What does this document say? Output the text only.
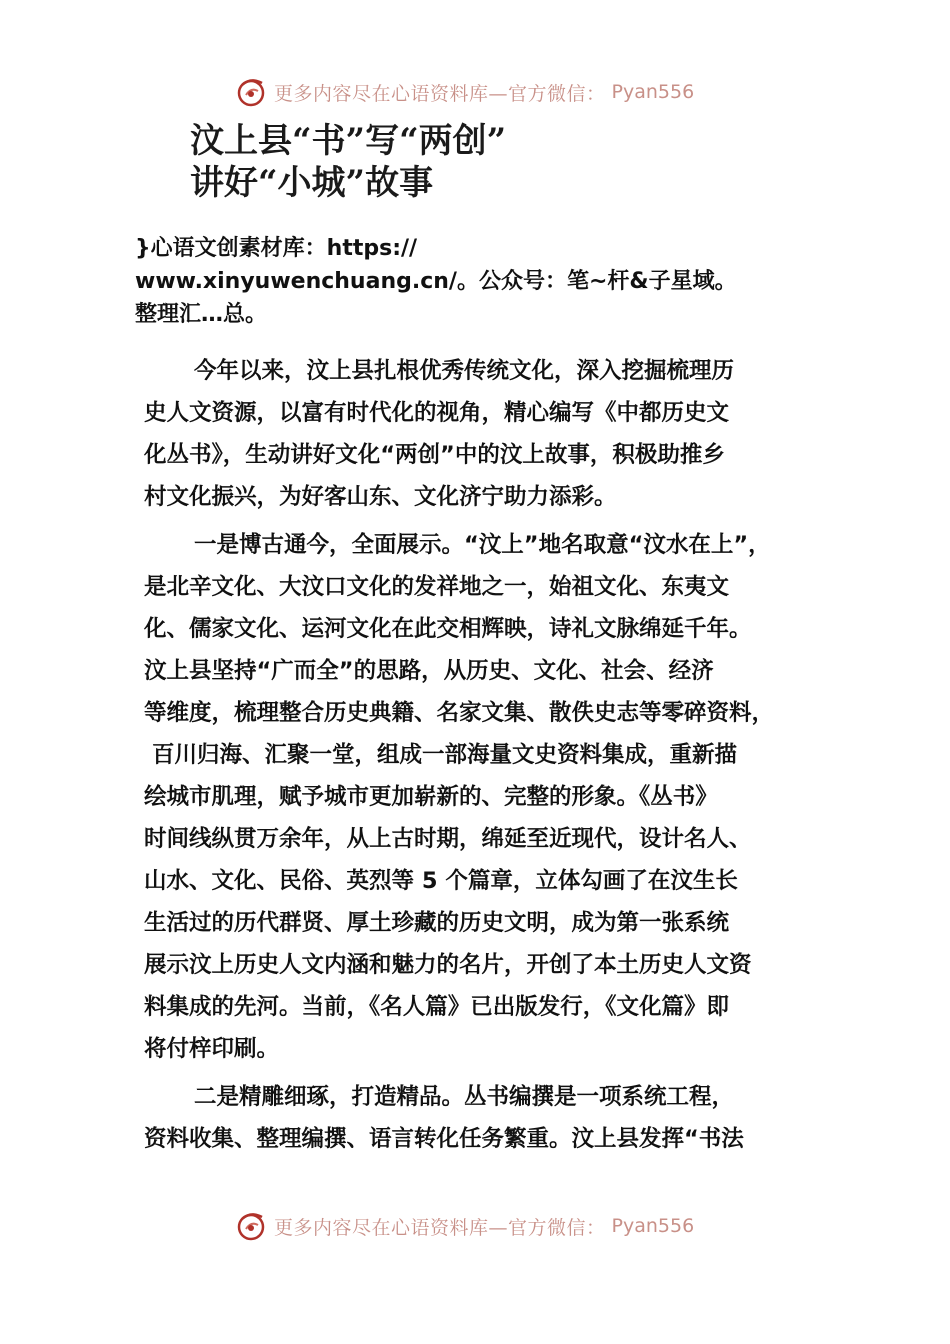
更多内容尽在心语资料库—官方微信： Pyan556
汶上县“书”写“两创”
讲好“小城”故事
}心语文创素材库：https://
www.xinyuwenchuang.cn/。公众号：笔~杆&子星域。
整理汇…总。

今年以来，汶上县扎根优秀传统文化，深入挖掘梳理历
史人文资源，以富有时代化的视角，精心编写《中都历史文
化丛书》，生动讲好文化“两创”中的汶上故事，积极助推乡
村文化振兴，为好客山东、文化济宁助力添彩。

一是博古通今，全面展示。“汶上”地名取意“汶水在上”，
是北辛文化、大汶口文化的发祥地之一，始祖文化、东夷文
化、儒家文化、运河文化在此交相辉映，诗礼文脉绵延千年。
汶上县坚持“广而全”的思路，从历史、文化、社会、经济
等维度，梳理整合历史典籍、名家文集、散佚史志等零碎资料，
百川归海、汇聚一堂，组成一部海量文史资料集成，重新描
绘城市肌理，赋予城市更加崭新的、完整的形象。《丛书》
时间线纵贯万余年，从上古时期，绵延至近现代，设计名人、
山水、文化、民俗、英烈等 5 个篇章，立体勾画了在汶生长
生活过的历代群贤、厚土珍藏的历史文明，成为第一张系统
展示汶上历史人文内涵和魅力的名片，开创了本土历史人文资
料集成的先河。当前，《名人篇》已出版发行，《文化篇》即
将付梓印刷。

二是精雕细琢，打造精品。丛书编撰是一项系统工程，
资料收集、整理编撰、语言转化任务繁重。汶上县发挥“书法

更多内容尽在心语资料库—官方微信： Pyan556
